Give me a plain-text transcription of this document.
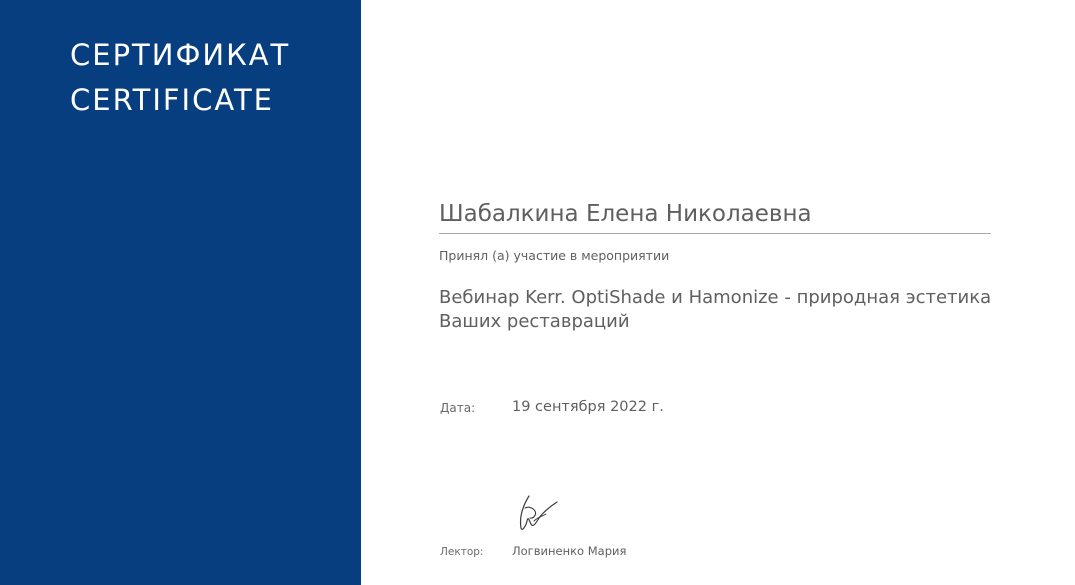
СЕРТИФИКАТ
CERTIFICATE
Шабалкина Елена Николаевна
Принял (а) участие в мероприятии
Вебинар Kerr. OptiShade и Hamonize - природная эстетика Ваших реставраций
Дата:	19 сентября 2022 г.
Лектор: Логвиненко Мария
